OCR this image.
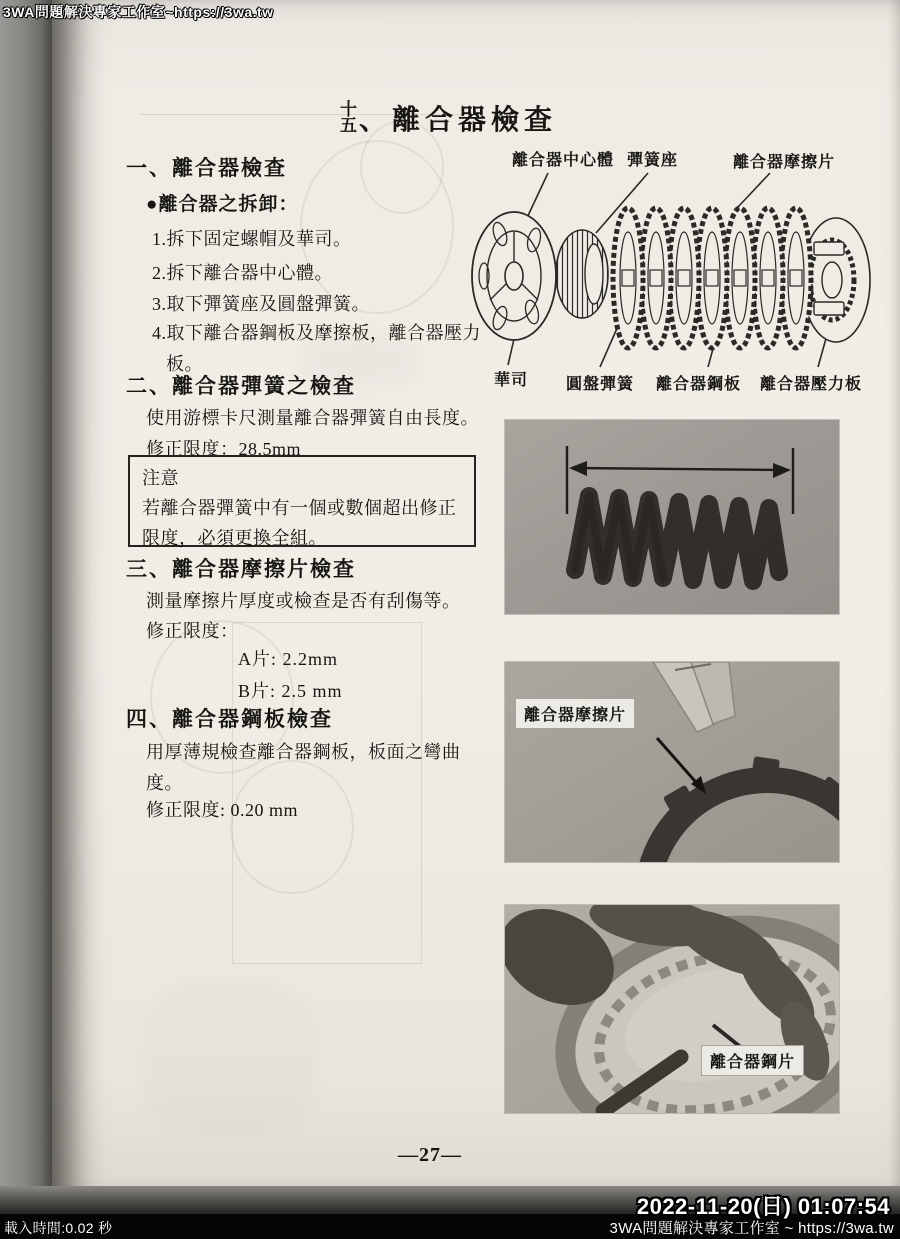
3WA問題解決專家工作室~https://3wa.tw
2022-11-20(日) 01:07:54
載入時間:0.02 秒	3WA問題解決專家工作室 ~ https://3wa.tw
十
五 、離合器檢查
一、離合器檢查
●離合器之拆卸：
1.拆下固定螺帽及華司。
2.拆下離合器中心體。
3.取下彈簧座及圓盤彈簧。
4.取下離合器鋼板及摩擦板，離合器壓力板。
二、離合器彈簧之檢查
使用游標卡尺測量離合器彈簧自由長度。
修正限度：28.5mm
注意
若離合器彈簧中有一個或數個超出修正限度，必須更換全組。
三、離合器摩擦片檢查
測量摩擦片厚度或檢查是否有刮傷等。
修正限度：
A片: 2.2mm
B片: 2.5 mm
四、離合器鋼板檢查
用厚薄規檢查離合器鋼板，板面之彎曲度。
修正限度: 0.20 mm
離合器中心體 彈簧座	離合器摩擦片
華司 圓盤彈簧 離合器鋼板 離合器壓力板
離合器摩擦片
離合器鋼片
—27—
